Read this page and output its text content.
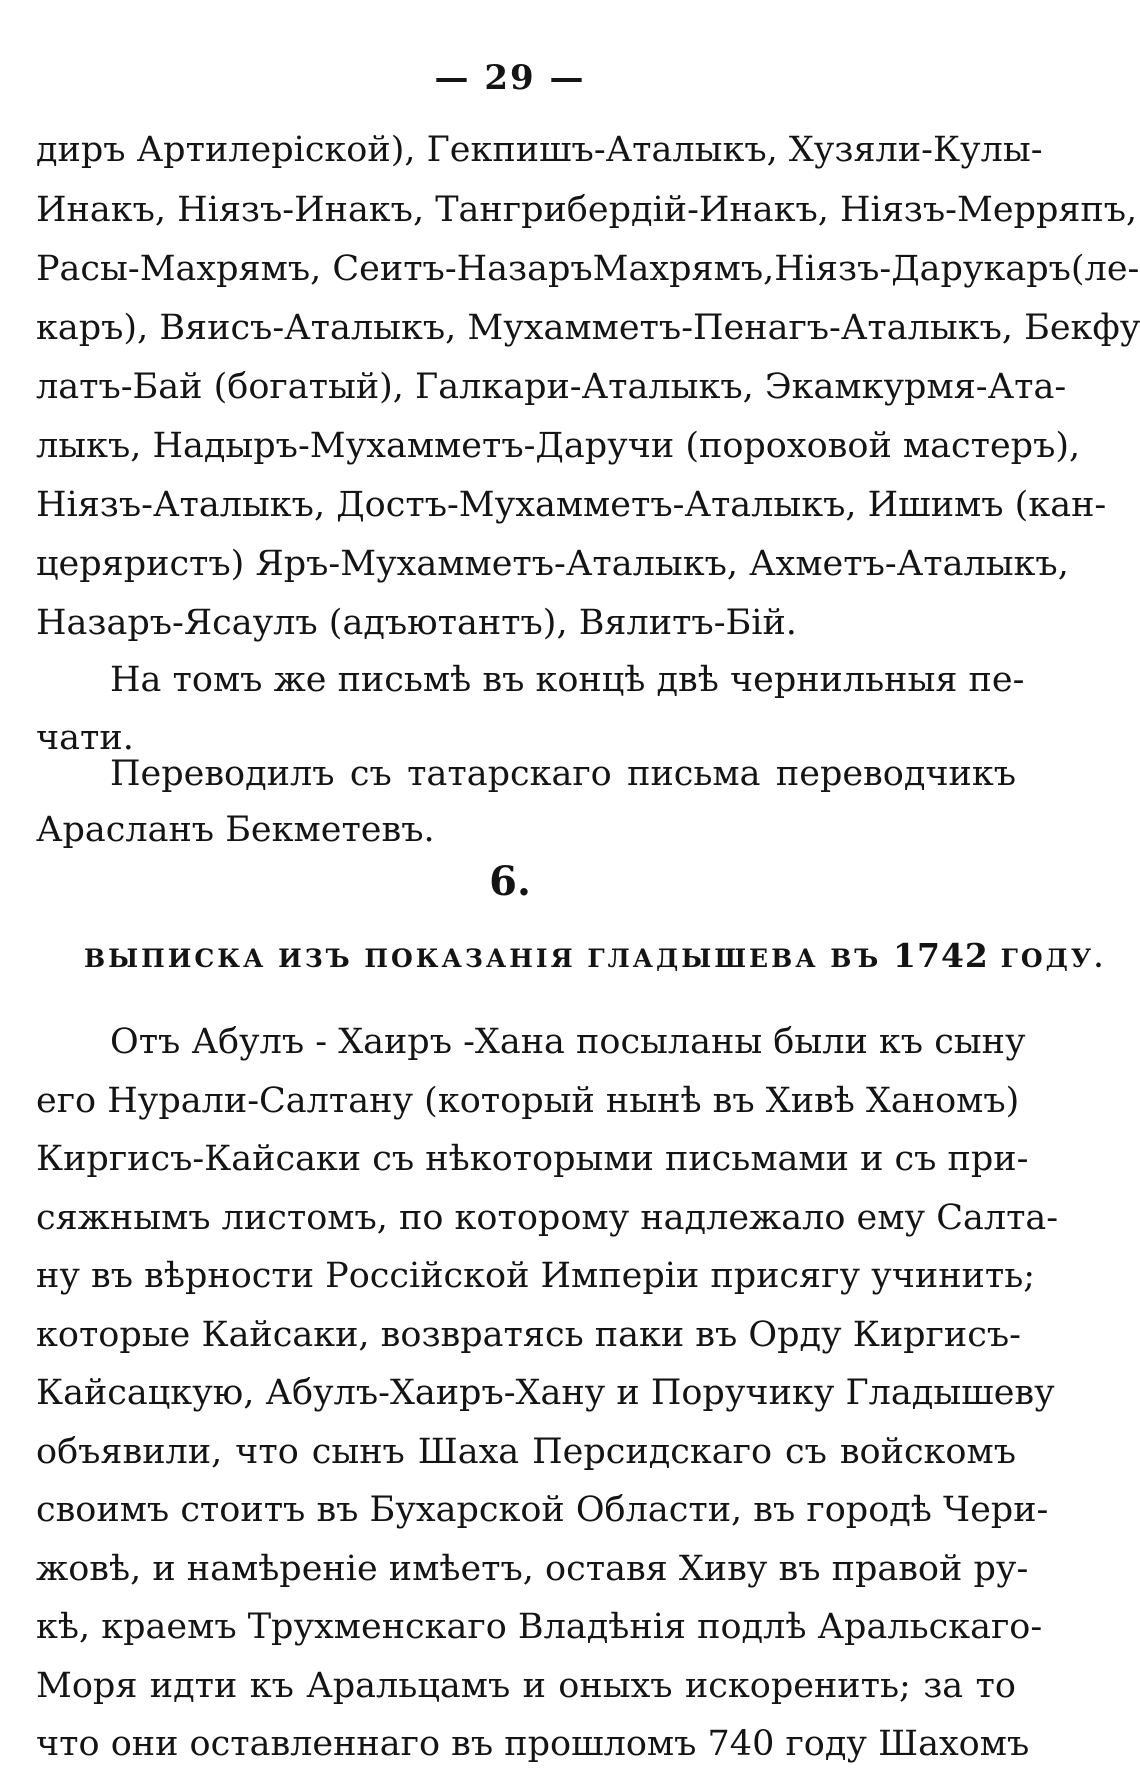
— 29 —
диръ Артилерiской), Гекпишъ-Аталыкъ, Хузяли-Кулы-
Инакъ, Нiязъ-Инакъ, Тангрибердiй-Инакъ, Нiязъ-Мерряпъ,
Расы-Махрямъ, Сеитъ-НазаръМахрямъ,Нiязъ-Дарукаръ(ле-
каръ), Вяисъ-Аталыкъ, Мухамметъ-Пенагъ-Аталыкъ, Бекфу
латъ-Бай (богатый), Галкари-Аталыкъ, Экамкурмя-Ата-
лыкъ, Надыръ-Мухамметъ-Даручи (пороховой мастеръ),
Нiязъ-Аталыкъ, Достъ-Мухамметъ-Аталыкъ, Ишимъ (кан-
церяристъ) Яръ-Мухамметъ-Аталыкъ, Ахметъ-Аталыкъ,
Назаръ-Ясаулъ (адъютантъ), Вялитъ-Бiй.
На томъ же письмѣ въ концѣ двѣ чернильныя пе-
чати.
Переводилъ съ татарскаго письма переводчикъ
Араcланъ Бекметевъ.
6.
ВЫПИСКА ИЗЪ ПОКАЗАНIЯ ГЛАДЫШЕВА ВЪ 1742 ГОДУ.
Отъ Абулъ - Хаиръ -Хана посыланы были къ сыну
его Нурали-Салтану (который нынѣ въ Хивѣ Ханомъ)
Киргисъ-Кайсаки съ нѣкоторыми письмами и съ при-
сяжнымъ листомъ, по которому надлежало ему Салта-
ну въ вѣрности Россiйской Имперiи присягу учинить;
которые Кайсаки, возвратясь паки въ Орду Киргисъ-
Кайсацкую, Абулъ-Хаиръ-Хану и Поручику Гладышеву
объявили, что сынъ Шаха Персидскаго съ войскомъ
своимъ стоитъ въ Бухарской Области, въ городѣ Чери-
жовѣ, и намѣренiе имѣетъ, оставя Хиву въ правой ру-
кѣ, краемъ Трухменскаго Владѣнiя подлѣ Аральскаго-
Моря идти къ Аральцамъ и оныхъ искоренить; за то
что они оставленнаго въ прошломъ 740 году Шахомъ
